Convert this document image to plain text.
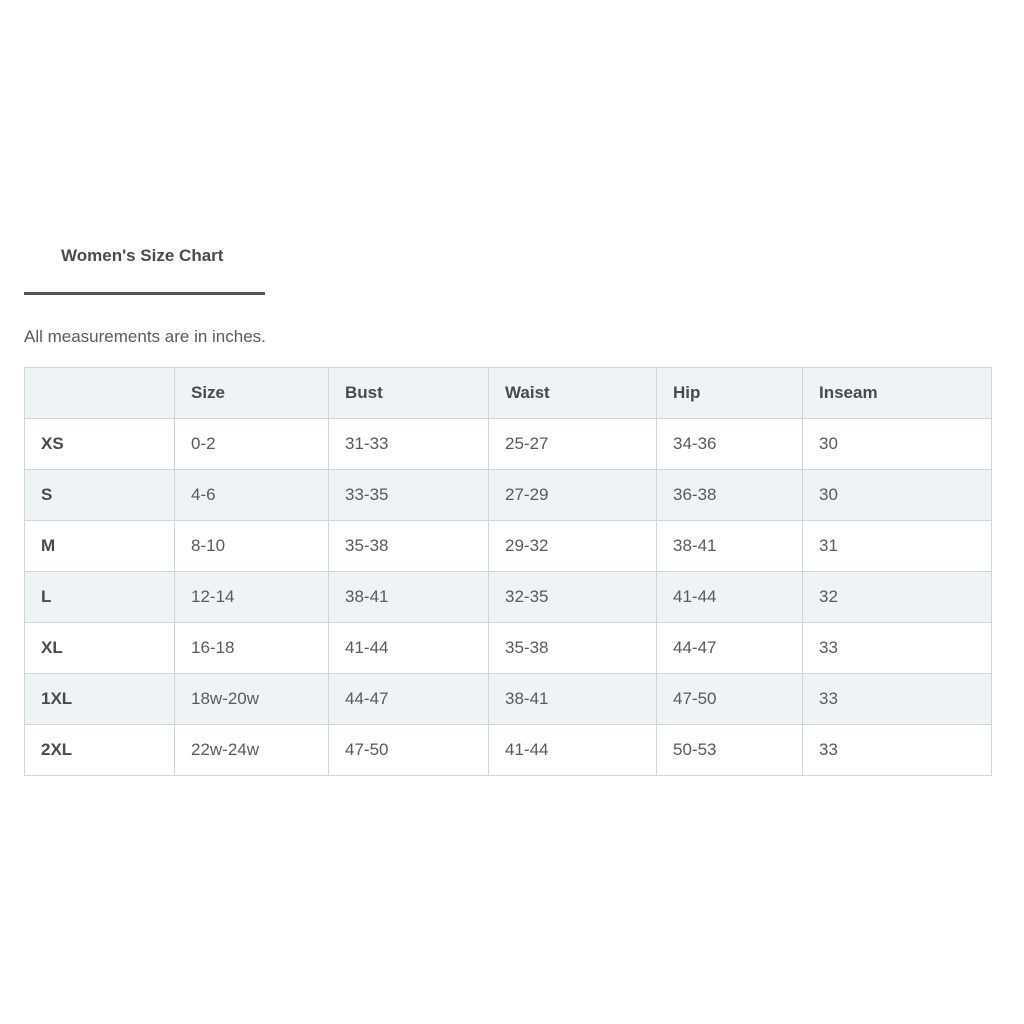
Women's Size Chart
All measurements are in inches.
	Size	Bust	Waist	Hip	Inseam
XS	0-2	31-33	25-27	34-36	30
S	4-6	33-35	27-29	36-38	30
M	8-10	35-38	29-32	38-41	31
L	12-14	38-41	32-35	41-44	32
XL	16-18	41-44	35-38	44-47	33
1XL	18w-20w	44-47	38-41	47-50	33
2XL	22w-24w	47-50	41-44	50-53	33
